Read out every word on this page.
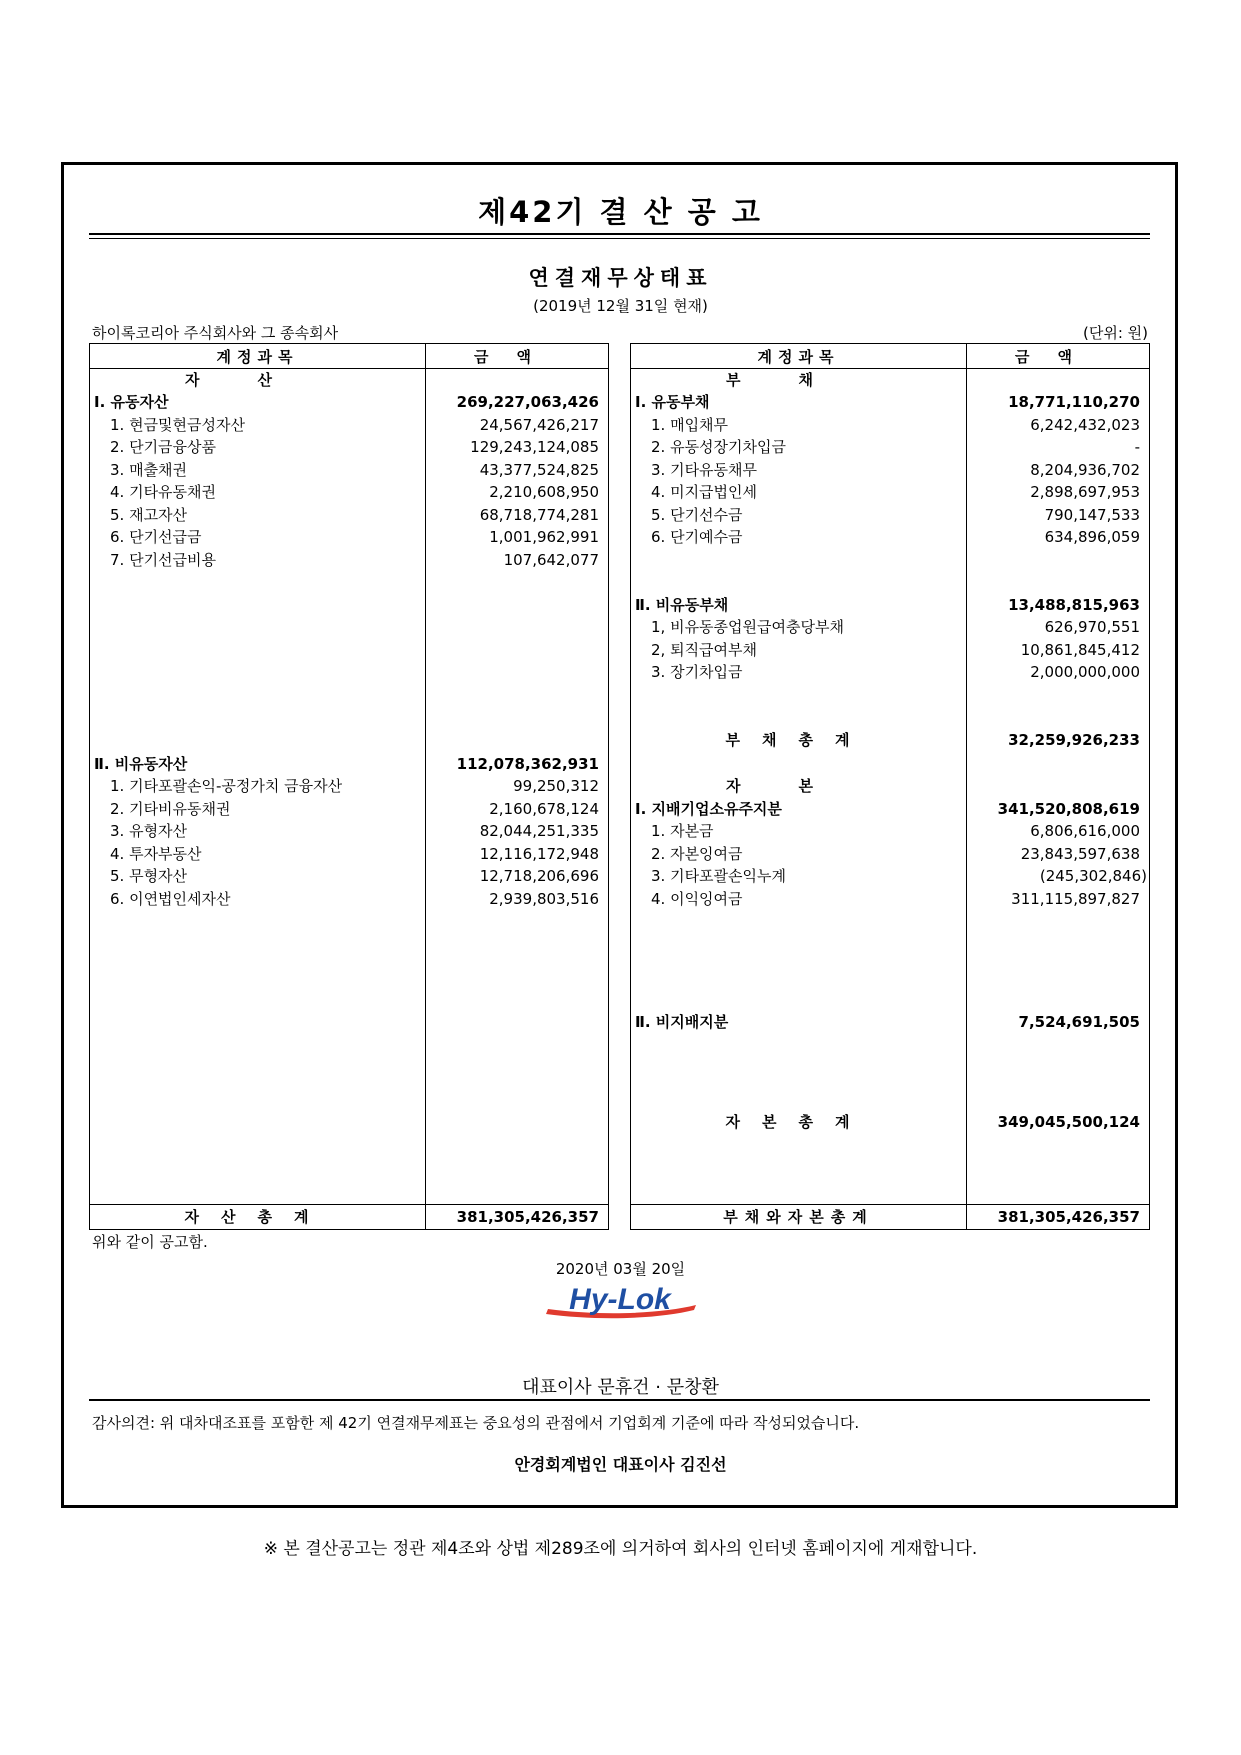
제42기 결 산 공 고
연결재무상태표
(2019년 12월 31일 현재)
하이록코리아 주식회사와 그 종속회사	(단위: 원)
계정과목	금액
자산
Ⅰ. 유동자산	269,227,063,426
1. 현금및현금성자산	24,567,426,217
2. 단기금융상품	129,243,124,085
3. 매출채권	43,377,524,825
4. 기타유동채권	2,210,608,950
5. 재고자산	68,718,774,281
6. 단기선급금	1,001,962,991
7. 단기선급비용	107,642,077
Ⅱ. 비유동자산	112,078,362,931
1. 기타포괄손익-공정가치 금융자산	99,250,312
2. 기타비유동채권	2,160,678,124
3. 유형자산	82,044,251,335
4. 투자부동산	12,116,172,948
5. 무형자산	12,718,206,696
6. 이연법인세자산	2,939,803,516
자산총계	381,305,426,357
계정과목	금액
부채
Ⅰ. 유동부채	18,771,110,270
1. 매입채무	6,242,432,023
2. 유동성장기차입금	-
3. 기타유동채무	8,204,936,702
4. 미지급법인세	2,898,697,953
5. 단기선수금	790,147,533
6. 단기예수금	634,896,059
Ⅱ. 비유동부채	13,488,815,963
1, 비유동종업원급여충당부채	626,970,551
2, 퇴직급여부채	10,861,845,412
3. 장기차입금	2,000,000,000
부채총계	32,259,926,233
자본
Ⅰ. 지배기업소유주지분	341,520,808,619
1. 자본금	6,806,616,000
2. 자본잉여금	23,843,597,638
3. 기타포괄손익누계	(245,302,846)
4. 이익잉여금	311,115,897,827
Ⅱ. 비지배지분	7,524,691,505
자본총계	349,045,500,124
부채와자본총계	381,305,426,357
위와 같이 공고함.
2020년 03월 20일
Hy-Lok
대표이사 문휴건 · 문창환
감사의견: 위 대차대조표를 포함한 제 42기 연결재무제표는 중요성의 관점에서 기업회계 기준에 따라 작성되었습니다.
안경회계법인 대표이사 김진선
※ 본 결산공고는 정관 제4조와 상법 제289조에 의거하여 회사의 인터넷 홈페이지에 게재합니다.
